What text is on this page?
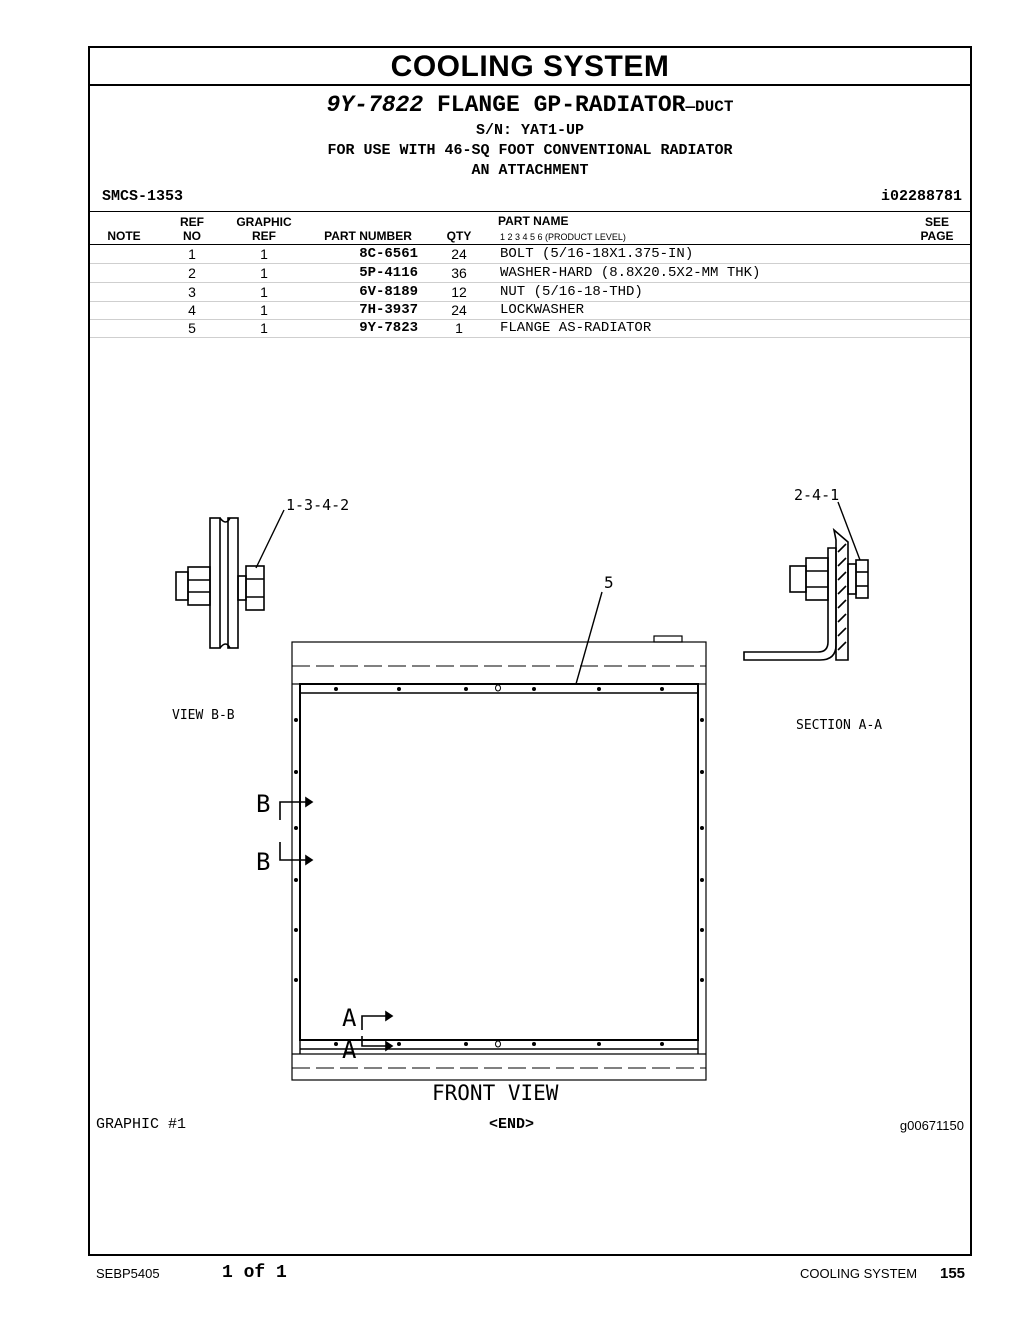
COOLING SYSTEM
9Y-7822 FLANGE GP-RADIATOR—DUCT
S/N: YAT1-UP
FOR USE WITH 46-SQ FOOT CONVENTIONAL RADIATOR
AN ATTACHMENT
SMCS-1353	i02288781
NOTE
REF
NO
GRAPHIC
REF	PART NUMBER	QTY
PART NAME
1 2 3 4 5 6 (PRODUCT LEVEL)
SEE
PAGE
1	1	8C-6561	24	BOLT (5/16-18X1.375-IN)
2	1	5P-4116	36	WASHER-HARD (8.8X20.5X2-MM THK)
3	1	6V-8189	12	NUT (5/16-18-THD)
4	1	7H-3937	24	LOCKWASHER
5	1	9Y-7823	1	FLANGE AS-RADIATOR
GRAPHIC #1	<END>	g00671150
1-3-4-2
VIEW B-B
2-4-1
SECTION A-A
B
B
A
A
5
FRONT VIEW
SEBP5405	1 of 1	COOLING SYSTEM 155
